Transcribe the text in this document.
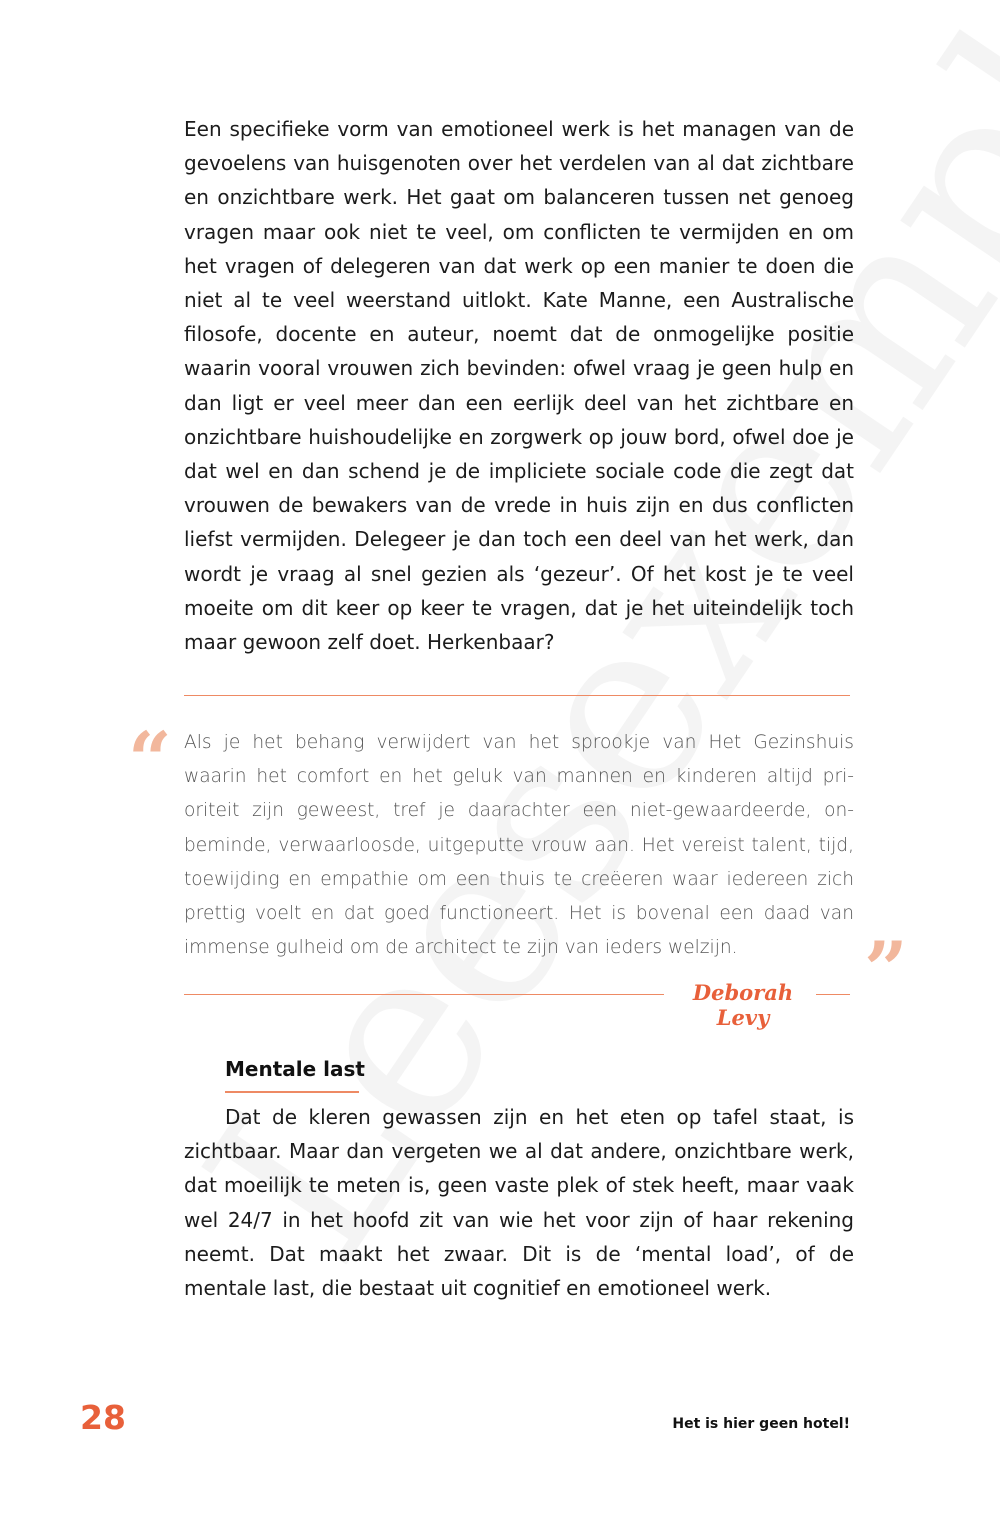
Een specifieke vorm van emotioneel werk is het managen van de gevoelens van huisgenoten over het verdelen van al dat zichtbare en onzichtbare werk. Het gaat om balanceren tussen net genoeg vragen maar ook niet te veel, om conflicten te vermijden en om het vragen of delegeren van dat werk op een manier te doen die niet al te veel weerstand uitlokt. Kate Manne, een Australische filosofe, docente en auteur, noemt dat de onmogelijke positie waarin vooral vrouwen zich bevinden: ofwel vraag je geen hulp en dan ligt er veel meer dan een eerlijk deel van het zichtbare en onzichtbare huishoudelijke en zorgwerk op jouw bord, ofwel doe je dat wel en dan schend je de impliciete sociale code die zegt dat vrouwen de bewakers van de vrede in huis zijn en dus conflicten liefst vermijden. Delegeer je dan toch een deel van het werk, dan wordt je vraag al snel gezien als ‘gezeur’. Of het kost je te veel moeite om dit keer op keer te vragen, dat je het uiteindelijk toch maar gewoon zelf doet. Herkenbaar?

“ Als je het behang verwijdert van het sprookje van Het Gezinshuis waarin het comfort en het geluk van mannen en kinderen altijd prioriteit zijn geweest, tref je daarachter een niet-gewaardeerde, onbeminde, verwaarloosde, uitgeputte vrouw aan. Het vereist talent, tijd, toewijding en empathie om een thuis te creëeren waar iedereen zich prettig voelt en dat goed functioneert. Het is bovenal een daad van immense gulheid om de architect te zijn van ieders welzijn.	”
Deborah Levy
Mentale last

Dat de kleren gewassen zijn en het eten op tafel staat, is zichtbaar. Maar dan vergeten we al dat andere, onzichtbare werk, dat moeilijk te meten is, geen vaste plek of stek heeft, maar vaak wel 24/7 in het hoofd zit van wie het voor zijn of haar rekening neemt. Dat maakt het zwaar. Dit is de ‘mental load’, of de mentale last, die bestaat uit cognitief en emotioneel werk.

28	Het is hier geen hotel!
